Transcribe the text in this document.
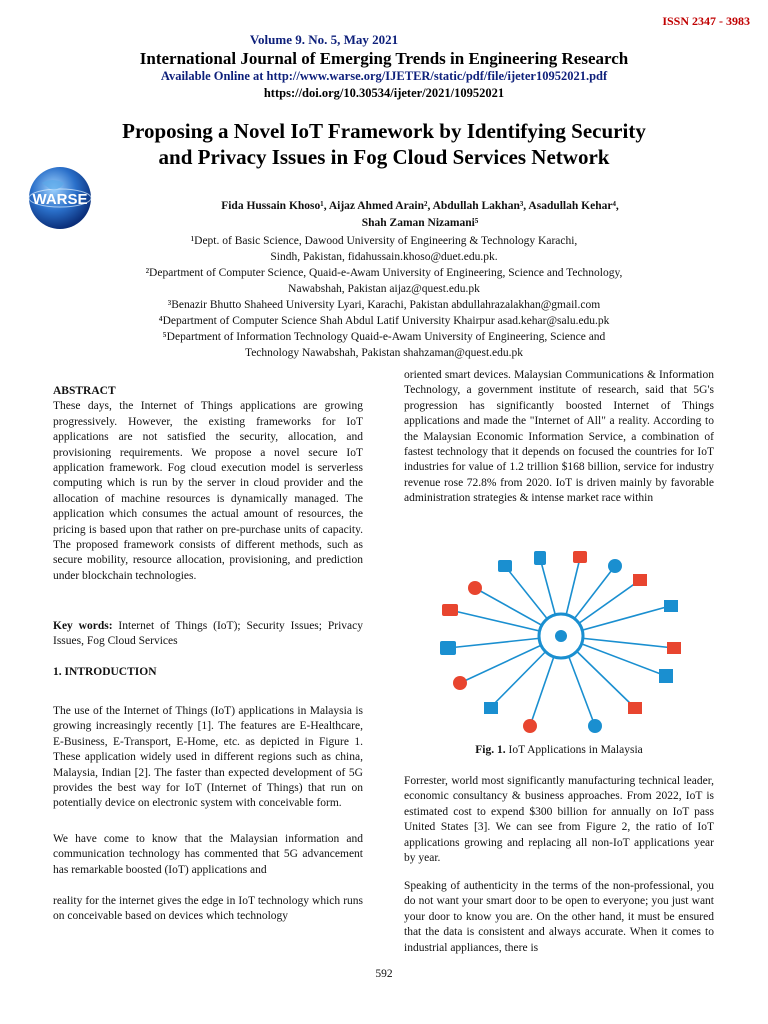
ISSN 2347 - 3983
Volume 9. No. 5, May 2021
International Journal of Emerging Trends in Engineering Research
Available Online at http://www.warse.org/IJETER/static/pdf/file/ijeter10952021.pdf
https://doi.org/10.30534/ijeter/2021/10952021
WARSE
Proposing a Novel IoT Framework by Identifying Security
and Privacy Issues in Fog Cloud Services Network
Fida Hussain Khoso¹, Aijaz Ahmed Arain², Abdullah Lakhan³, Asadullah Kehar⁴,
Shah Zaman Nizamani⁵
¹Dept. of Basic Science, Dawood University of Engineering & Technology Karachi,
Sindh, Pakistan, fidahussain.khoso@duet.edu.pk.
²Department of Computer Science, Quaid-e-Awam University of Engineering, Science and Technology,
Nawabshah, Pakistan aijaz@quest.edu.pk
³Benazir Bhutto Shaheed University Lyari, Karachi, Pakistan abdullahrazalakhan@gmail.com
⁴Department of Computer Science Shah Abdul Latif University Khairpur asad.kehar@salu.edu.pk
⁵Department of Information Technology Quaid-e-Awam University of Engineering, Science and
Technology Nawabshah, Pakistan shahzaman@quest.edu.pk
ABSTRACT
These days, the Internet of Things applications are growing progressively. However, the existing frameworks for IoT applications are not satisfied the security, allocation, and provisioning requirements. We propose a novel secure IoT application framework. Fog cloud execution model is serverless computing which is run by the server in cloud provider and the allocation of machine resources is dynamically managed. The application which consumes the actual amount of resources, the pricing is based upon that rather on pre-purchase units of capacity. The proposed framework consists of different methods, such as secure mobility, resource allocation, provisioning, and prediction under blockchain technologies.
Key words: Internet of Things (IoT); Security Issues; Privacy Issues, Fog Cloud Services
1. INTRODUCTION
The use of the Internet of Things (IoT) applications in Malaysia is growing increasingly recently [1]. The features are E-Healthcare, E-Business, E-Transport, E-Home, etc. as depicted in Figure 1. These application widely used in different regions such as china, Malaysia, Indian [2]. The faster than expected development of 5G provides the best way for IoT (Internet of Things) that run on potentially device on electronic system with conceivable form.
We have come to know that the Malaysian information and communication technology has commented that 5G advancement has remarkable boosted (IoT) applications and
reality for the internet gives the edge in IoT technology which runs on conceivable based on devices which technology
oriented smart devices. Malaysian Communications & Information Technology, a government institute of research, said that 5G's progression has significantly boosted Internet of Things applications and made the "Internet of All" a reality. According to the Malaysian Economic Information Service, a combination of fastest technology that it depends on focused the countries for IoT industries for value of 1.2 trillion $168 billion, service for industry revenue rose 72.8% from 2020. IoT is driven mainly by favorable administration strategies & intense market race within
Fig. 1. IoT Applications in Malaysia
Forrester, world most significantly manufacturing technical leader, economic consultancy & business approaches. From 2022, IoT is estimated cost to expend $300 billion for annually on IoT pass United States [3]. We can see from Figure 2, the ratio of IoT applications growing and replacing all non-IoT applications year by year.
Speaking of authenticity in the terms of the non-professional, you do not want your smart door to be open to everyone; you just want your door to know you are. On the other hand, it must be ensured that the data is consistent and always accurate. When it comes to industrial appliances, there is
592
